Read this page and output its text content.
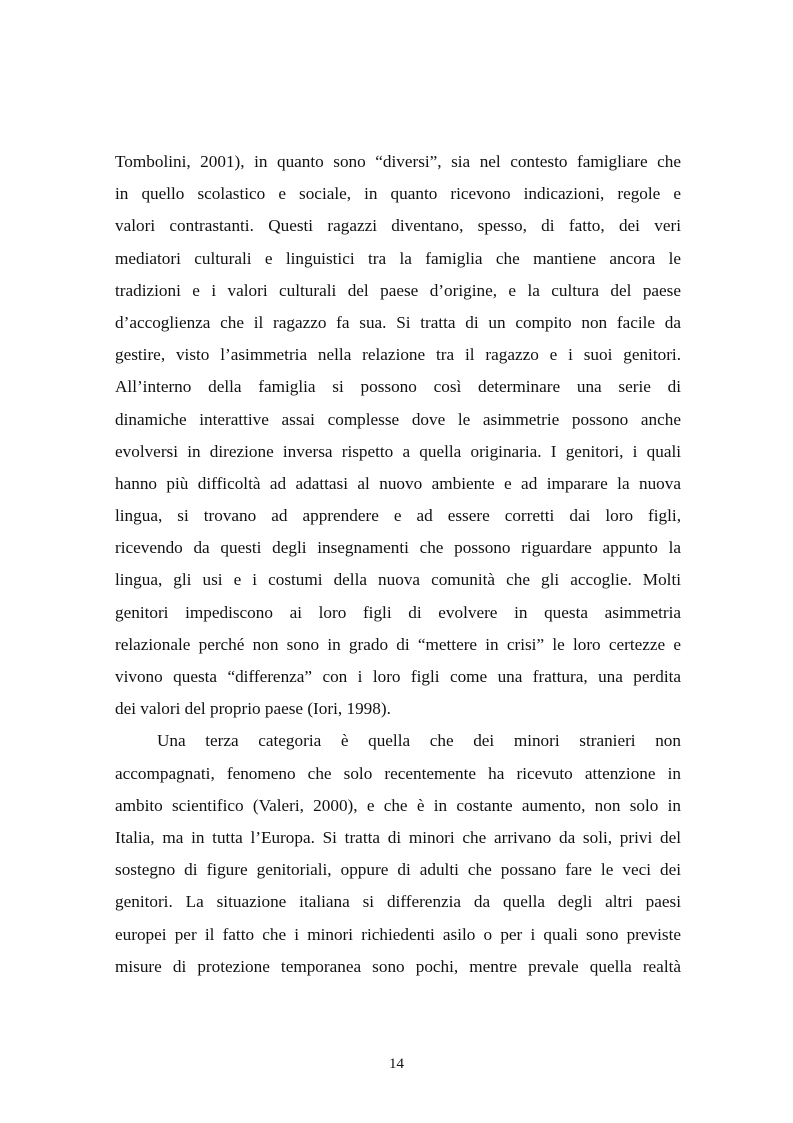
Tombolini, 2001), in quanto sono “diversi”, sia nel contesto famigliare che
in quello scolastico e sociale, in quanto ricevono indicazioni, regole e
valori contrastanti. Questi ragazzi diventano, spesso, di fatto, dei veri
mediatori culturali e linguistici tra la famiglia che mantiene ancora le
tradizioni e i valori culturali del paese d’origine, e la cultura del paese
d’accoglienza che il ragazzo fa sua. Si tratta di un compito non facile da
gestire, visto l’asimmetria nella relazione tra il ragazzo e i suoi genitori.
All’interno della famiglia si possono così determinare una serie di
dinamiche interattive assai complesse dove le asimmetrie possono anche
evolversi in direzione inversa rispetto a quella originaria. I genitori, i quali
hanno più difficoltà ad adattasi al nuovo ambiente e ad imparare la nuova
lingua, si trovano ad apprendere e ad essere corretti dai loro figli,
ricevendo da questi degli insegnamenti che possono riguardare appunto la
lingua, gli usi e i costumi della nuova comunità che gli accoglie. Molti
genitori impediscono ai loro figli di evolvere in questa asimmetria
relazionale perché non sono in grado di “mettere in crisi” le loro certezze e
vivono questa “differenza” con i loro figli come una frattura, una perdita
dei valori del proprio paese (Iori, 1998).
Una terza categoria è quella che dei minori stranieri non
accompagnati, fenomeno che solo recentemente ha ricevuto attenzione in
ambito scientifico (Valeri, 2000), e che è in costante aumento, non solo in
Italia, ma in tutta l’Europa. Si tratta di minori che arrivano da soli, privi del
sostegno di figure genitoriali, oppure di adulti che possano fare le veci dei
genitori. La situazione italiana si differenzia da quella degli altri paesi
europei per il fatto che i minori richiedenti asilo o per i quali sono previste
misure di protezione temporanea sono pochi, mentre prevale quella realtà
14
